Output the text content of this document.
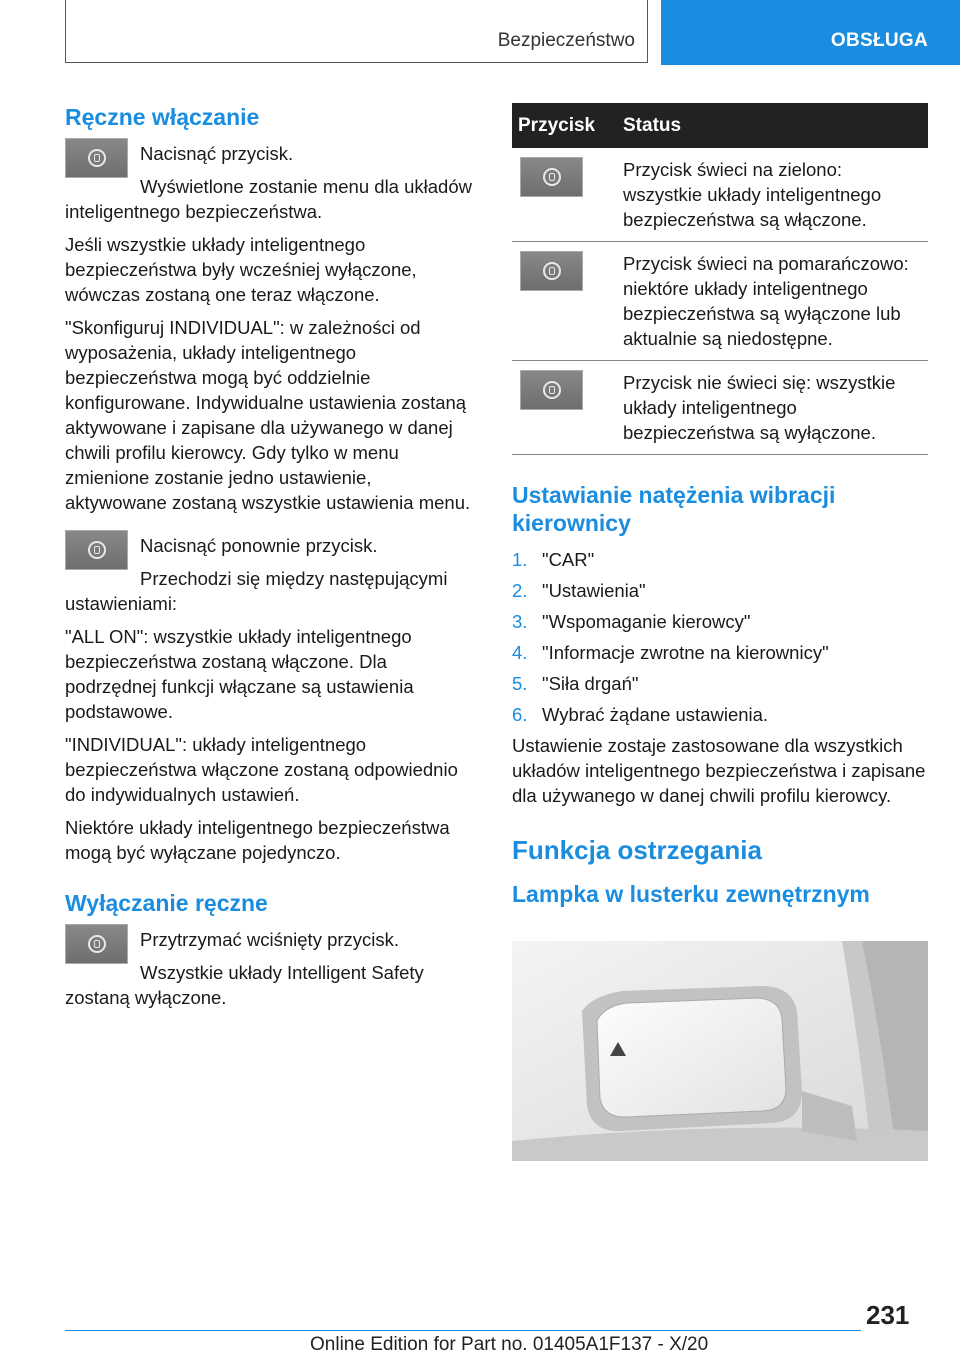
Bezpieczeństwo	OBSŁUGA
Ręczne włączanie

Nacisnąć przycisk.

Wyświetlone zostanie menu dla układów inteligentnego bezpieczeństwa.

Jeśli wszystkie układy inteligentnego bezpieczeństwa były wcześniej wyłączone, wówczas zostaną one teraz włączone.

"Skonfiguruj INDIVIDUAL": w zależności od wyposażenia, układy inteligentnego bezpieczeństwa mogą być oddzielnie konfigurowane. Indywidualne ustawienia zostaną aktywowane i zapisane dla używanego w danej chwili profilu kierowcy. Gdy tylko w menu zmienione zostanie jedno ustawienie, aktywowane zostaną wszystkie ustawienia menu.

Nacisnąć ponownie przycisk.

Przechodzi się między następującymi ustawieniami:

"ALL ON": wszystkie układy inteligentnego bezpieczeństwa zostaną włączone. Dla podrzędnej funkcji włączane są ustawienia podstawowe.

"INDIVIDUAL": układy inteligentnego bezpieczeństwa włączone zostaną odpowiednio do indywidualnych ustawień.

Niektóre układy inteligentnego bezpieczeństwa mogą być wyłączane pojedynczo.

Wyłączanie ręczne

Przytrzymać wciśnięty przycisk.

Wszystkie układy Intelligent Safety zostaną wyłączone.

Przycisk	Status

	Przycisk świeci na zielono: wszystkie układy inteligentnego bezpieczeństwa są włączone.

	Przycisk świeci na pomarańczowo: niektóre układy inteligentnego bezpieczeństwa są wyłączone lub aktualnie są niedostępne.

	Przycisk nie świeci się: wszystkie układy inteligentnego bezpieczeństwa są wyłączone.
Ustawianie natężenia wibracji kierownicy
1. "CAR"
2. "Ustawienia"
3. "Wspomaganie kierowcy"
4. "Informacje zwrotne na kierownicy"
5. "Siła drgań"
6. Wybrać żądane ustawienia.

Ustawienie zostaje zastosowane dla wszystkich układów inteligentnego bezpieczeństwa i zapisane dla używanego w danej chwili profilu kierowcy.

Funkcja ostrzegania
Lampka w lusterku zewnętrznym
231
Online Edition for Part no. 01405A1F137 - X/20
